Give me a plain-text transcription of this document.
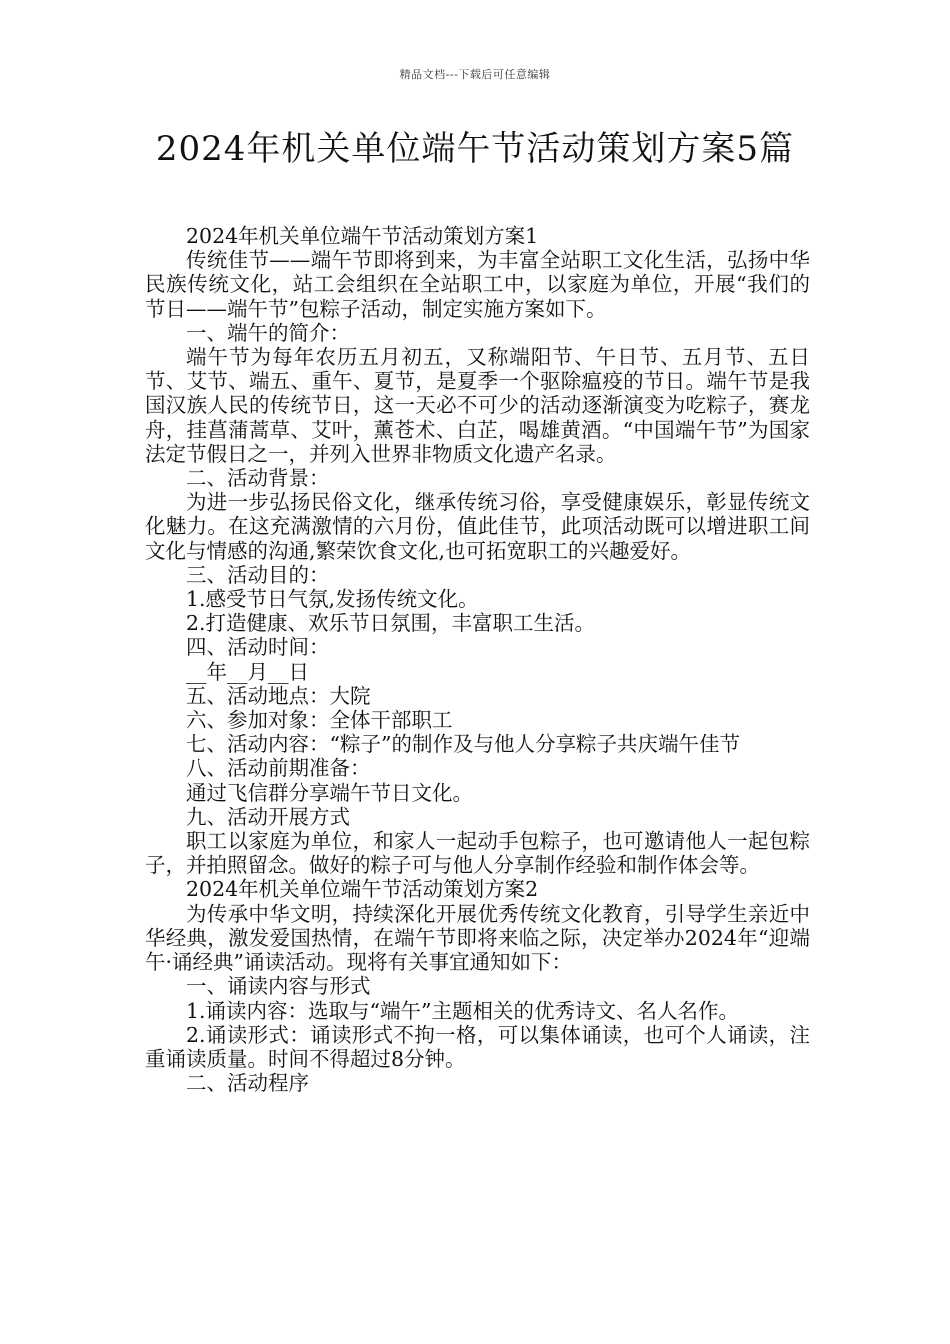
精品文档---下载后可任意编辑
2024年机关单位端午节活动策划方案5篇

2024年机关单位端午节活动策划方案1

传统佳节——端午节即将到来，为丰富全站职工文化生活，弘扬中华民族传统文化，站工会组织在全站职工中，以家庭为单位，开展“我们的节日——端午节”包粽子活动，制定实施方案如下。

一、端午的简介：

端午节为每年农历五月初五，又称端阳节、午日节、五月节、五日节、艾节、端五、重午、夏节，是夏季一个驱除瘟疫的节日。端午节是我国汉族人民的传统节日，这一天必不可少的活动逐渐演变为吃粽子，赛龙舟，挂菖蒲蒿草、艾叶，薰苍术、白芷，喝雄黄酒。“中国端午节”为国家法定节假日之一，并列入世界非物质文化遗产名录。

二、活动背景：

为进一步弘扬民俗文化，继承传统习俗，享受健康娱乐，彰显传统文化魅力。在这充满激情的六月份，值此佳节，此项活动既可以增进职工间文化与情感的沟通,繁荣饮食文化,也可拓宽职工的兴趣爱好。

三、活动目的：

1.感受节日气氛,发扬传统文化。

2.打造健康、欢乐节日氛围，丰富职工生活。

四、活动时间：

__年__月__日

五、活动地点：大院

六、参加对象：全体干部职工

七、活动内容：“粽子”的制作及与他人分享粽子共庆端午佳节

八、活动前期准备：

通过飞信群分享端午节日文化。

九、活动开展方式

职工以家庭为单位，和家人一起动手包粽子，也可邀请他人一起包粽子，并拍照留念。做好的粽子可与他人分享制作经验和制作体会等。

2024年机关单位端午节活动策划方案2

为传承中华文明，持续深化开展优秀传统文化教育，引导学生亲近中华经典，激发爱国热情，在端午节即将来临之际，决定举办2024年“迎端午·诵经典”诵读活动。现将有关事宜通知如下：

一、诵读内容与形式

1.诵读内容：选取与“端午”主题相关的优秀诗文、名人名作。

2.诵读形式：诵读形式不拘一格，可以集体诵读，也可个人诵读，注重诵读质量。时间不得超过8分钟。

二、活动程序
